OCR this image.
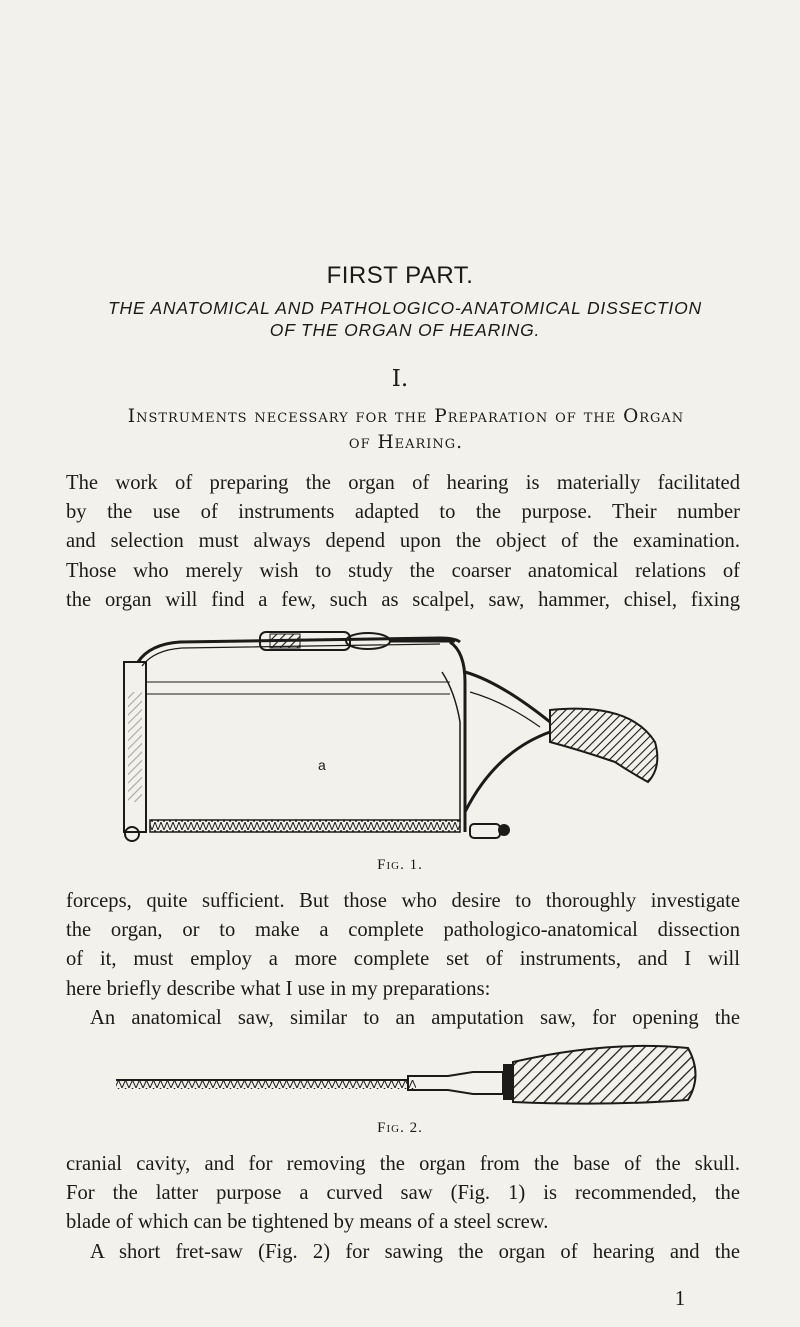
FIRST PART.
THE ANATOMICAL AND PATHOLOGICO-ANATOMICAL DISSECTION
OF THE ORGAN OF HEARING.
I.
Instruments necessary for the Preparation of the Organ
of Hearing.
The work of preparing the organ of hearing is materially facilitated
by the use of instruments adapted to the purpose. Their number
and selection must always depend upon the object of the examination.
Those who merely wish to study the coarser anatomical relations of
the organ will find a few, such as scalpel, saw, hammer, chisel, fixing
a
Fig. 1.
forceps, quite sufficient. But those who desire to thoroughly investigate
the organ, or to make a complete pathologico-anatomical dissection
of it, must employ a more complete set of instruments, and I will
here briefly describe what I use in my preparations:
An anatomical saw, similar to an amputation saw, for opening the
Fig. 2.
cranial cavity, and for removing the organ from the base of the skull.
For the latter purpose a curved saw (Fig. 1) is recommended, the
blade of which can be tightened by means of a steel screw.
A short fret-saw (Fig. 2) for sawing the organ of hearing and the
1
